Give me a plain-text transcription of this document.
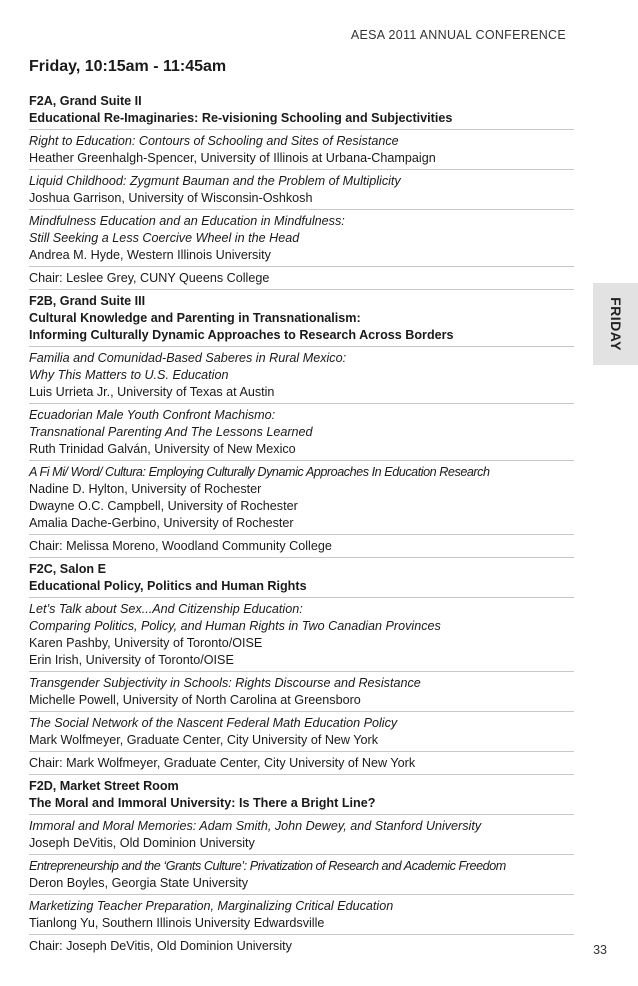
AESA 2011 ANNUAL CONFERENCE
Friday, 10:15am - 11:45am
F2A, Grand Suite II
Educational Re-Imaginaries: Re-visioning Schooling and Subjectivities
Right to Education: Contours of Schooling and Sites of Resistance
Heather Greenhalgh-Spencer, University of Illinois at Urbana-Champaign
Liquid Childhood: Zygmunt Bauman and the Problem of Multiplicity
Joshua Garrison, University of Wisconsin-Oshkosh
Mindfulness Education and an Education in Mindfulness:
Still Seeking a Less Coercive Wheel in the Head
Andrea M. Hyde, Western Illinois University
Chair: Leslee Grey, CUNY Queens College
F2B, Grand Suite III
Cultural Knowledge and Parenting in Transnationalism:
Informing Culturally Dynamic Approaches to Research Across Borders
Familia and Comunidad-Based Saberes in Rural Mexico:
Why This Matters to U.S. Education
Luis Urrieta Jr., University of Texas at Austin
Ecuadorian Male Youth Confront Machismo:
Transnational Parenting And The Lessons Learned
Ruth Trinidad Galván, University of New Mexico
A Fi Mi/ Word/ Cultura: Employing Culturally Dynamic Approaches In Education Research
Nadine D. Hylton, University of Rochester
Dwayne O.C. Campbell, University of Rochester
Amalia Dache-Gerbino, University of Rochester
Chair: Melissa Moreno, Woodland Community College
F2C, Salon E
Educational Policy, Politics and Human Rights
Let’s Talk about Sex...And Citizenship Education:
Comparing Politics, Policy, and Human Rights in Two Canadian Provinces
Karen Pashby, University of Toronto/OISE
Erin Irish, University of Toronto/OISE
Transgender Subjectivity in Schools: Rights Discourse and Resistance
Michelle Powell, University of North Carolina at Greensboro
The Social Network of the Nascent Federal Math Education Policy
Mark Wolfmeyer, Graduate Center, City University of New York
Chair: Mark Wolfmeyer, Graduate Center, City University of New York
F2D, Market Street Room
The Moral and Immoral University: Is There a Bright Line?
Immoral and Moral Memories: Adam Smith, John Dewey, and Stanford University
Joseph DeVitis, Old Dominion University
Entrepreneurship and the ‘Grants Culture’: Privatization of Research and Academic Freedom
Deron Boyles, Georgia State University
Marketizing Teacher Preparation, Marginalizing Critical Education
Tianlong Yu, Southern Illinois University Edwardsville
Chair: Joseph DeVitis, Old Dominion University
FRIDAY
33
